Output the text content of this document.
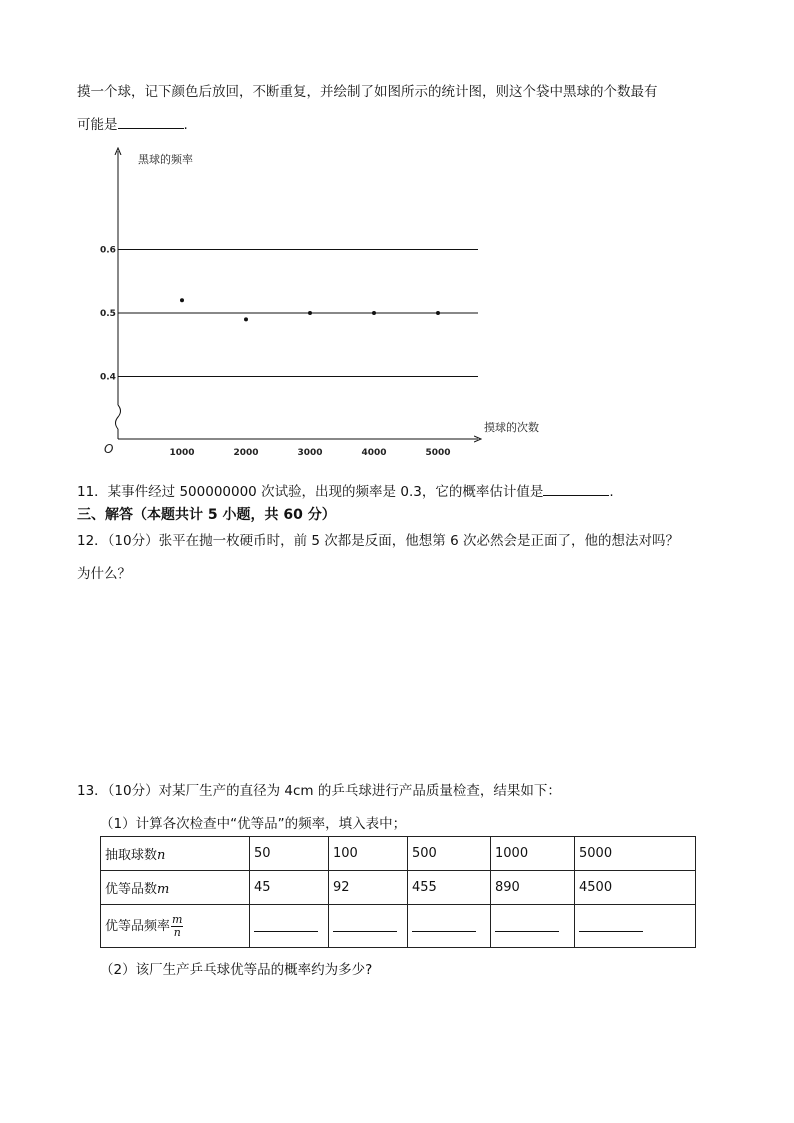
摸一个球，记下颜色后放回，不断重复，并绘制了如图所示的统计图，则这个袋中黑球的个数最有
可能是	.
黑球的频率
摸球的次数
O
0.4
0.5
0.6
1000	2000	3000	4000	5000
11．某事件经过 500000000 次试验，出现的频率是 0.3，它的概率估计值是	.
三、解答（本题共计 5 小题，共 60 分）
12．（10分）张平在抛一枚硬币时，前 5 次都是反面，他想第 6 次必然会是正面了，他的想法对吗？
为什么？
13．（10分）对某厂生产的直径为 4cm 的乒乓球进行产品质量检查，结果如下：
（1）计算各次检查中“优等品”的频率，填入表中；
抽取球数n	50	100	500	1000	5000
优等品数m	45	92	455	890	4500
优等品频率 $\frac{m}{n}$

（2）该厂生产乒乓球优等品的概率约为多少?
